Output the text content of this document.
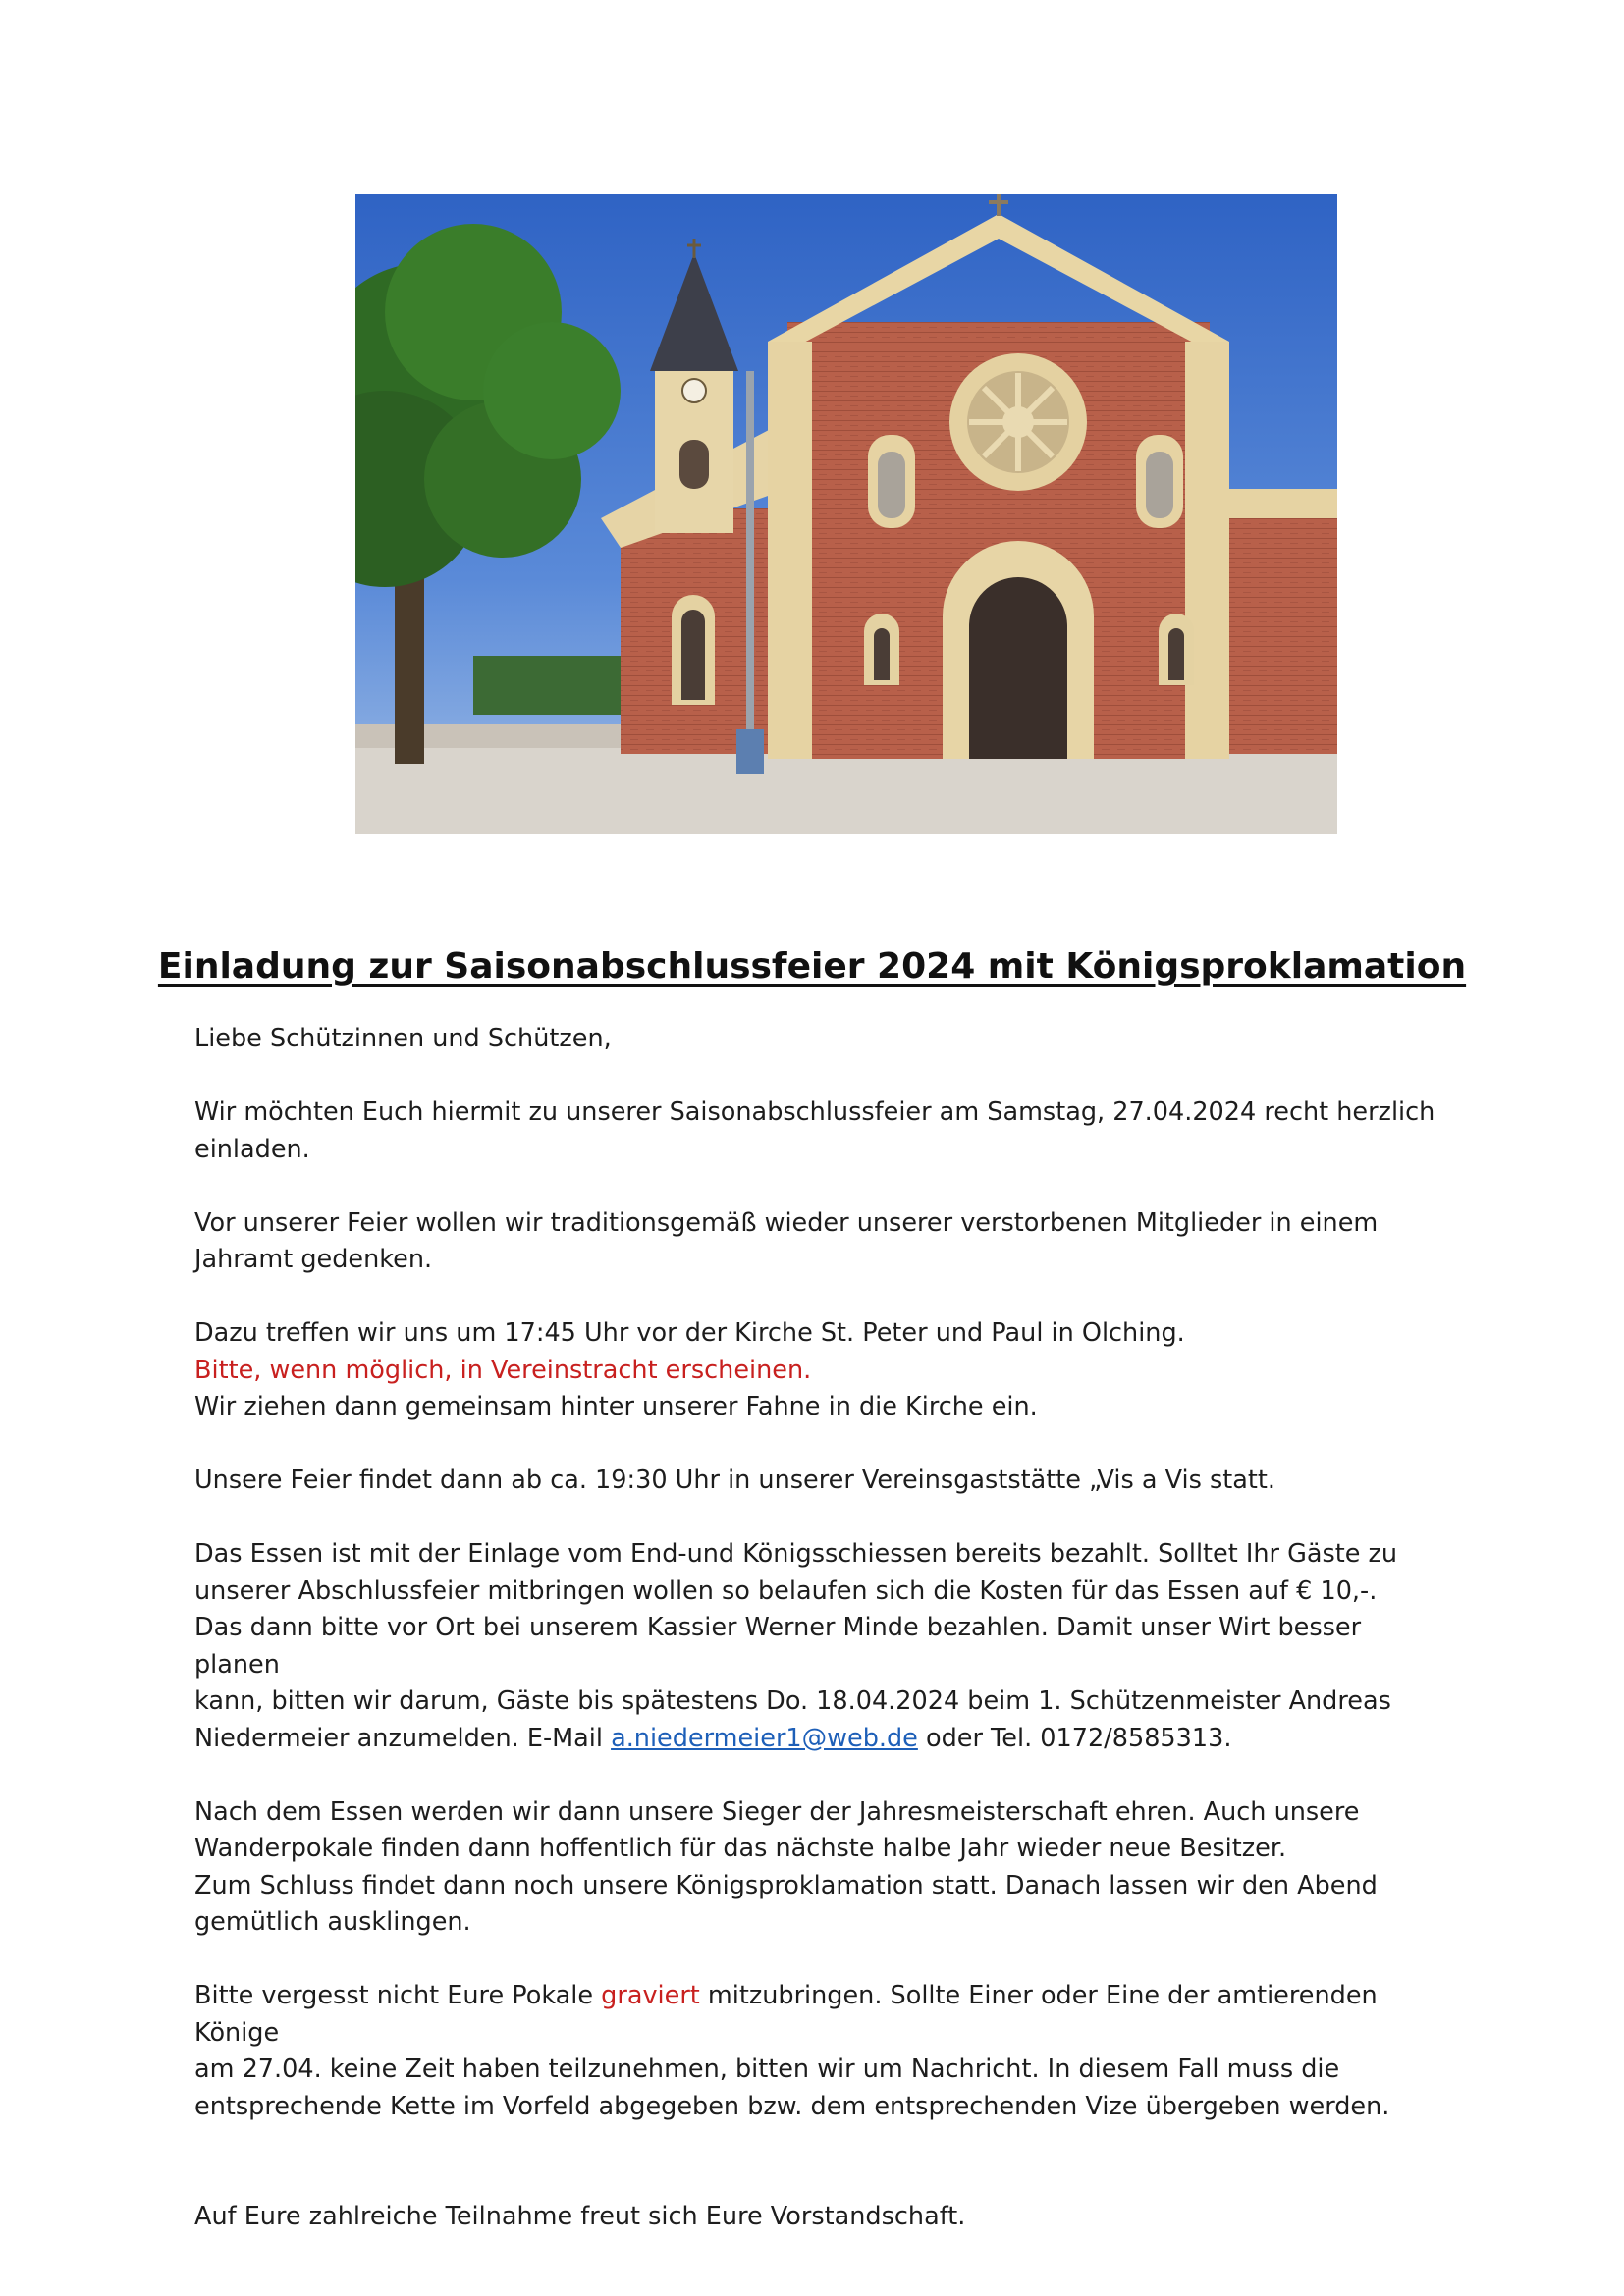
Einladung zur Saisonabschlussfeier 2024 mit Königsproklamation

Liebe Schützinnen und Schützen,

Wir möchten Euch hiermit zu unserer Saisonabschlussfeier am Samstag, 27.04.2024 recht herzlich

einladen.

Vor unserer Feier wollen wir traditionsgemäß wieder unserer verstorbenen Mitglieder in einem

Jahramt gedenken.

Dazu treffen wir uns um 17:45 Uhr vor der Kirche St. Peter und Paul in Olching.

Bitte, wenn möglich, in Vereinstracht erscheinen.

Wir ziehen dann gemeinsam hinter unserer Fahne in die Kirche ein.

Unsere Feier findet dann ab ca. 19:30 Uhr in unserer Vereinsgaststätte „Vis a Vis statt.

Das Essen ist mit der Einlage vom End-und Königsschiessen bereits bezahlt. Solltet Ihr Gäste zu

unserer Abschlussfeier mitbringen wollen so belaufen sich die Kosten für das Essen auf € 10,-.

Das dann bitte vor Ort bei unserem Kassier Werner Minde bezahlen. Damit unser Wirt besser planen

kann, bitten wir darum, Gäste bis spätestens Do. 18.04.2024 beim 1. Schützenmeister Andreas

Niedermeier anzumelden. E-Mail a.niedermeier1@web.de oder Tel. 0172/8585313.

Nach dem Essen werden wir dann unsere Sieger der Jahresmeisterschaft ehren. Auch unsere

Wanderpokale finden dann hoffentlich für das nächste halbe Jahr wieder neue Besitzer.

Zum Schluss findet dann noch unsere Königsproklamation statt. Danach lassen wir den Abend

gemütlich ausklingen.

Bitte vergesst nicht Eure Pokale graviert mitzubringen. Sollte Einer oder Eine der amtierenden Könige

am 27.04. keine Zeit haben teilzunehmen, bitten wir um Nachricht. In diesem Fall muss die

entsprechende Kette im Vorfeld abgegeben bzw. dem entsprechenden Vize übergeben werden.

Auf Eure zahlreiche Teilnahme freut sich Eure Vorstandschaft.
